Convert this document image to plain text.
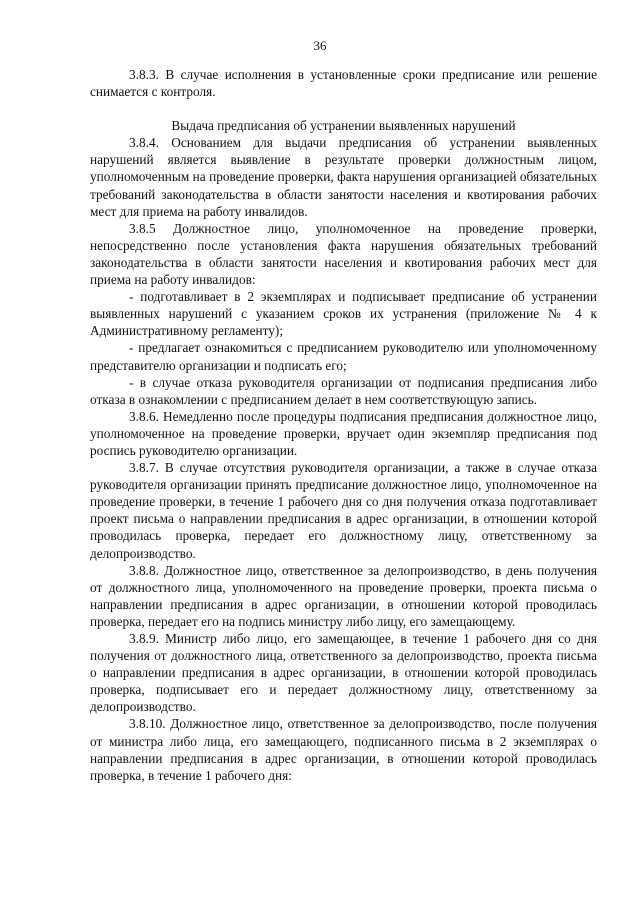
36

3.8.3. В случае исполнения в установленные сроки предписание или решение снимается с контроля.

Выдача предписания об устранении выявленных нарушений

3.8.4. Основанием для выдачи предписания об устранении выявленных нарушений является выявление в результате проверки должностным лицом, уполномоченным на проведение проверки, факта нарушения организацией обязательных требований законодательства в области занятости населения и квотирования рабочих мест для приема на работу инвалидов.

3.8.5 Должностное лицо, уполномоченное на проведение проверки, непосредственно после установления факта нарушения обязательных требований законодательства в области занятости населения и квотирования рабочих мест для приема на работу инвалидов:

- подготавливает в 2 экземплярах и подписывает предписание об устранении выявленных нарушений с указанием сроков их устранения (приложение № 4 к Административному регламенту);

- предлагает ознакомиться с предписанием руководителю или уполномоченному представителю организации и подписать его;

- в случае отказа руководителя организации от подписания предписания либо отказа в ознакомлении с предписанием делает в нем соответствующую запись.

3.8.6. Немедленно после процедуры подписания предписания должностное лицо, уполномоченное на проведение проверки, вручает один экземпляр предписания под роспись руководителю организации.

3.8.7. В случае отсутствия руководителя организации, а также в случае отказа руководителя организации принять предписание должностное лицо, уполномоченное на проведение проверки, в течение 1 рабочего дня со дня получения отказа подготавливает проект письма о направлении предписания в адрес организации, в отношении которой проводилась проверка, передает его должностному лицу, ответственному за делопроизводство.

3.8.8. Должностное лицо, ответственное за делопроизводство, в день получения от должностного лица, уполномоченного на проведение проверки, проекта письма о направлении предписания в адрес организации, в отношении которой проводилась проверка, передает его на подпись министру либо лицу, его замещающему.

3.8.9. Министр либо лицо, его замещающее, в течение 1 рабочего дня со дня получения от должностного лица, ответственного за делопроизводство, проекта письма о направлении предписания в адрес организации, в отношении которой проводилась проверка, подписывает его и передает должностному лицу, ответственному за делопроизводство.

3.8.10. Должностное лицо, ответственное за делопроизводство, после получения от министра либо лица, его замещающего, подписанного письма в 2 экземплярах о направлении предписания в адрес организации, в отношении которой проводилась проверка, в течение 1 рабочего дня:
